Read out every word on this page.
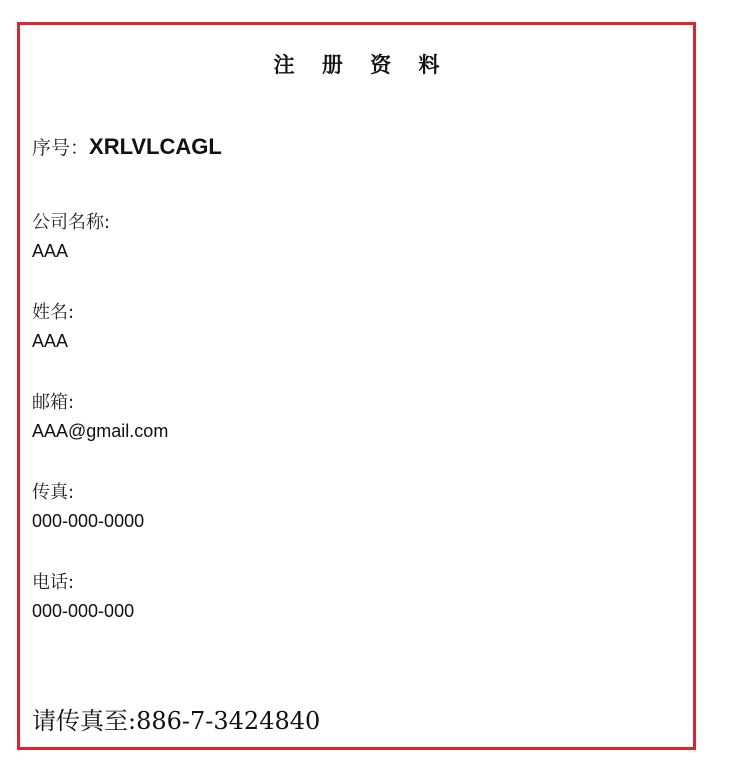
注 册 资 料
序号：XRLVLCAGL
公司名称:
AAA
姓名:
AAA
邮箱:
AAA@gmail.com
传真:
000-000-0000
电话:
000-000-000
请传真至:886-7-3424840
